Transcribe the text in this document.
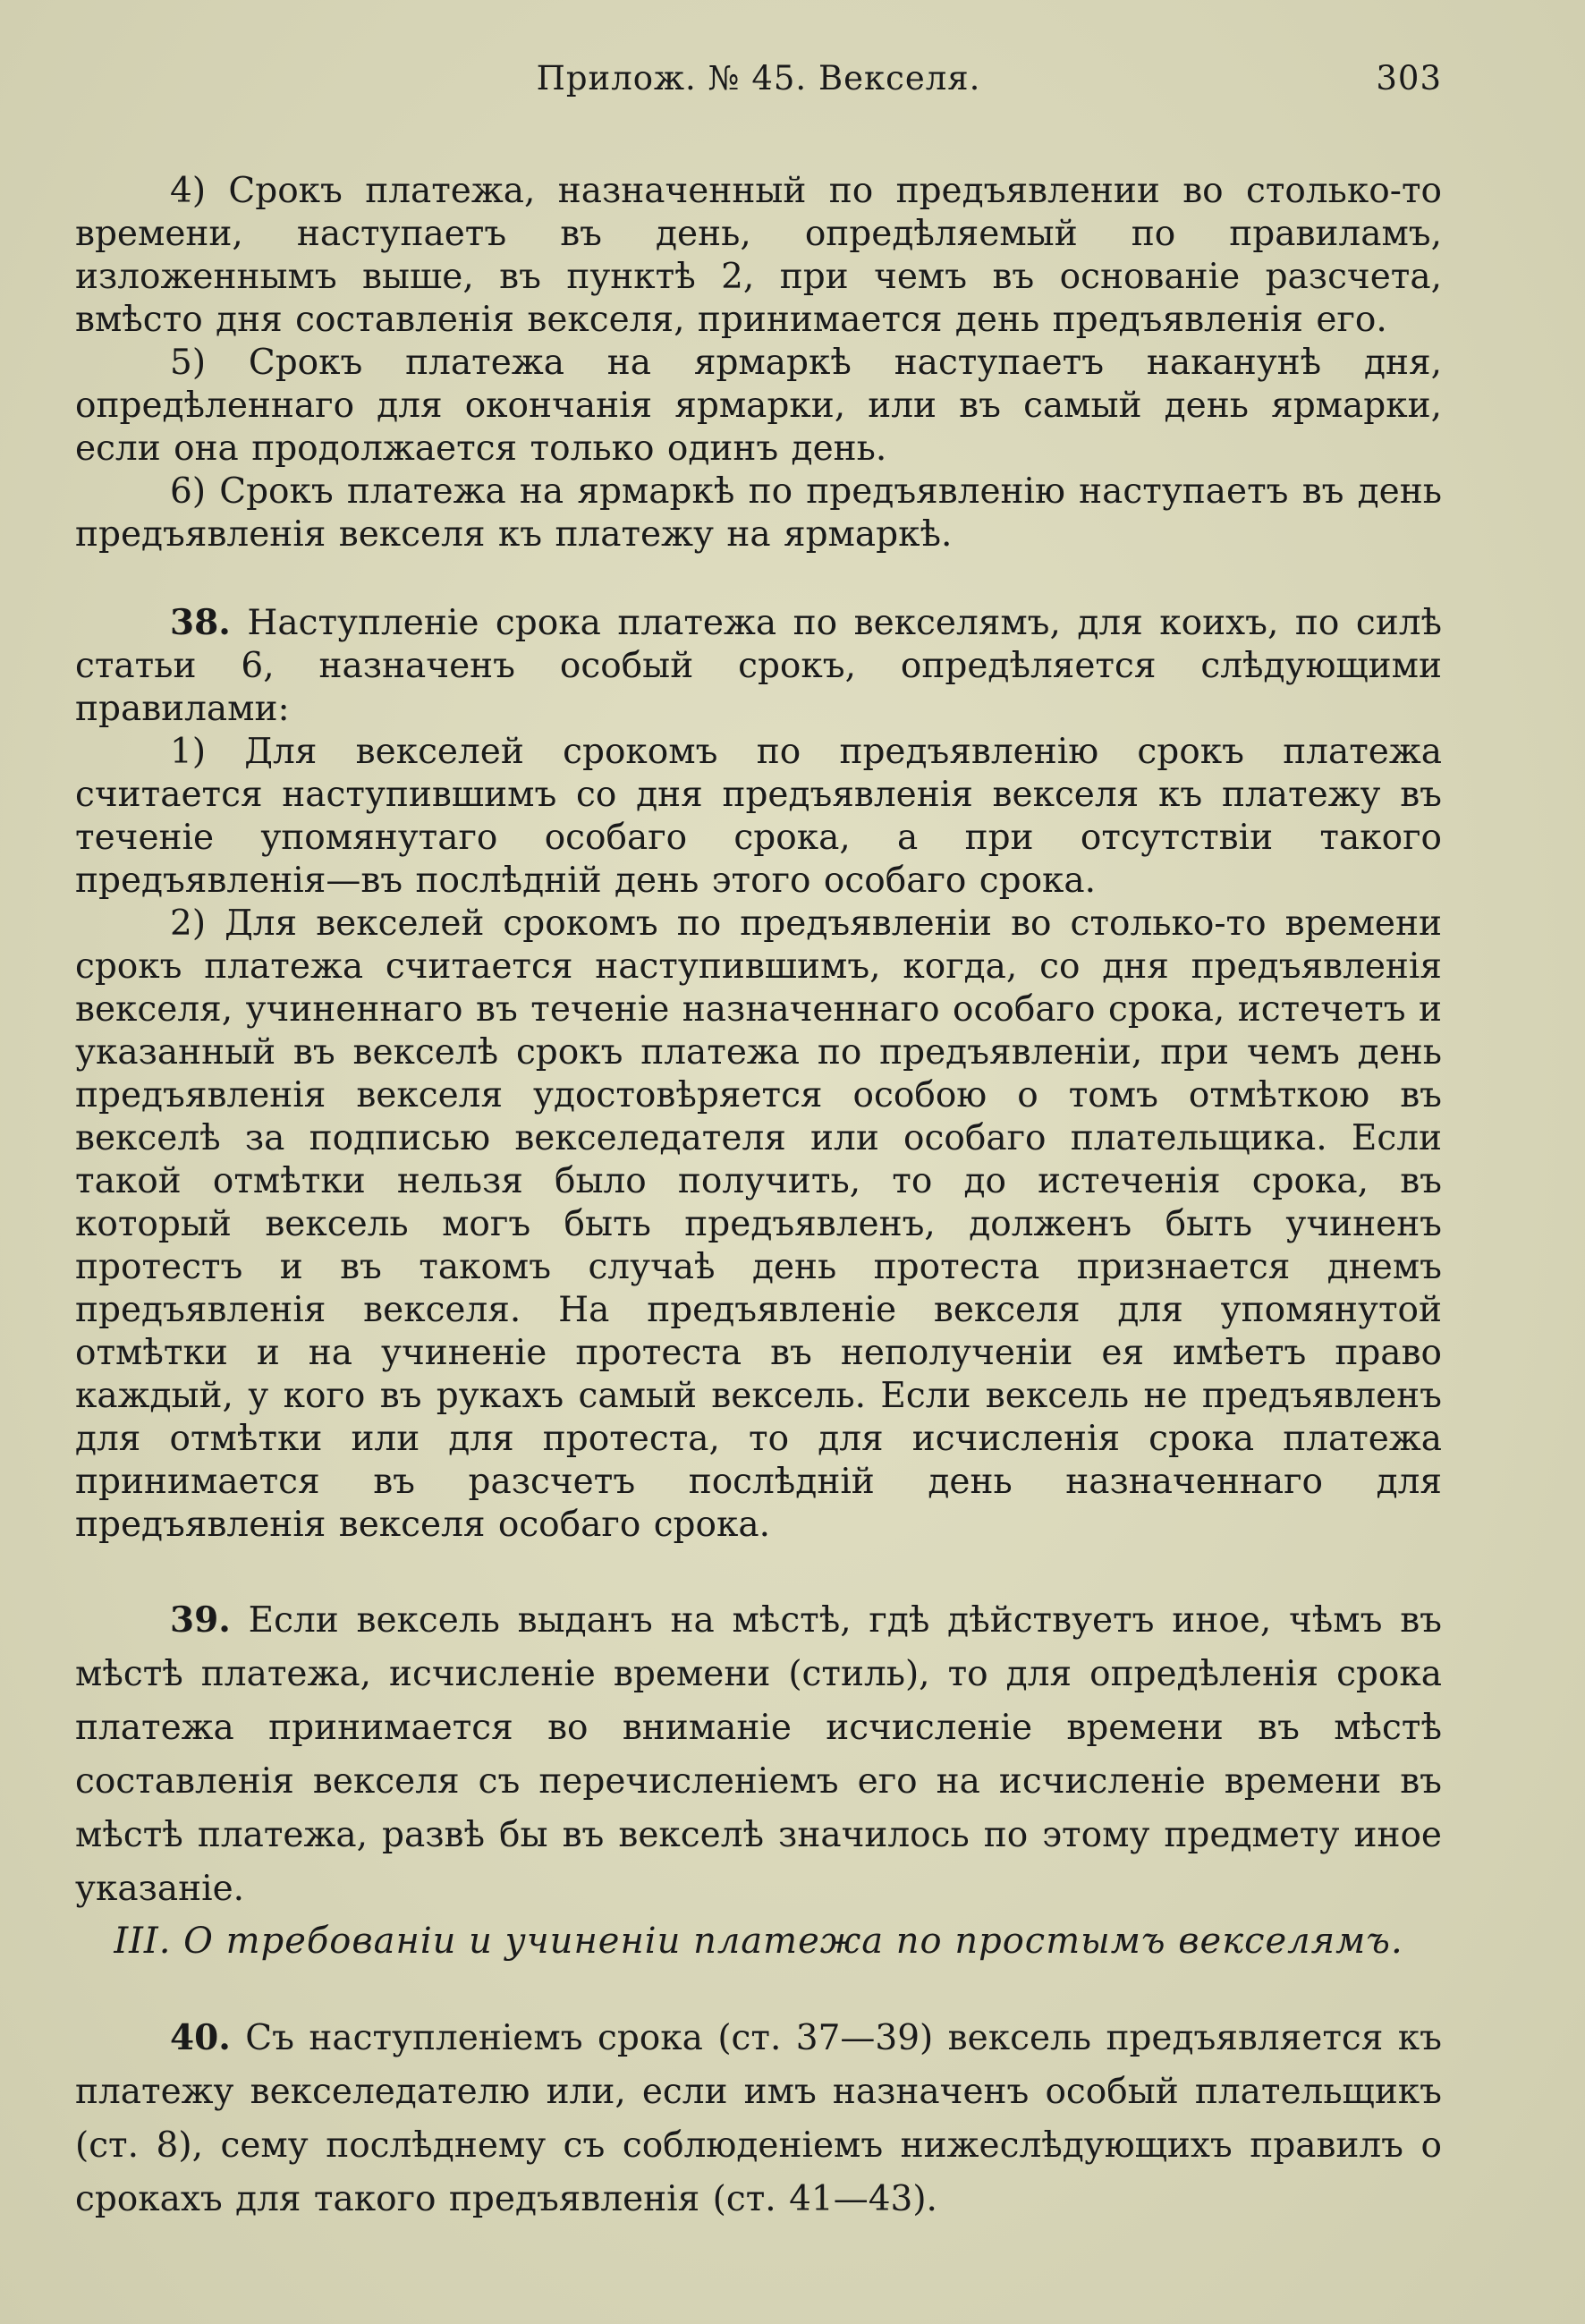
Прилож. № 45. Векселя.	303

4) Срокъ платежа, назначенный по предъявлении во столько-то времени, наступаетъ въ день, опредѣляемый по правиламъ, изложеннымъ выше, въ пунктѣ 2, при чемъ въ основаніе разсчета, вмѣсто дня составленія векселя, принимается день предъявленія его.

5) Срокъ платежа на ярмаркѣ наступаетъ наканунѣ дня, опредѣленнаго для окончанія ярмарки, или въ самый день ярмарки, если она продолжается только одинъ день.

6) Срокъ платежа на ярмаркѣ по предъявленію наступаетъ въ день предъявленія векселя къ платежу на ярмаркѣ.

38. Наступленіе срока платежа по векселямъ, для коихъ, по силѣ статьи 6, назначенъ особый срокъ, опредѣляется слѣдующими правилами:

1) Для векселей срокомъ по предъявленію срокъ платежа считается наступившимъ со дня предъявленія векселя къ платежу въ теченіе упомянутаго особаго срока, а при отсутствіи такого предъявленія—въ послѣдній день этого особаго срока.

2) Для векселей срокомъ по предъявленіи во столько-то времени срокъ платежа считается наступившимъ, когда, со дня предъявленія векселя, учиненнаго въ теченіе назначеннаго особаго срока, истечетъ и указанный въ векселѣ срокъ платежа по предъявленіи, при чемъ день предъявленія векселя удостовѣряется особою о томъ отмѣткою въ векселѣ за подписью векселедателя или особаго плательщика. Если такой отмѣтки нельзя было получить, то до истеченія срока, въ который вексель могъ быть предъявленъ, долженъ быть учиненъ протестъ и въ такомъ случаѣ день протеста признается днемъ предъявленія векселя. На предъявленіе векселя для упомянутой отмѣтки и на учиненіе протеста въ неполученіи ея имѣетъ право каждый, у кого въ рукахъ самый вексель. Если вексель не предъявленъ для отмѣтки или для протеста, то для исчисленія срока платежа принимается въ разсчетъ послѣдній день назначеннаго для предъявленія векселя особаго срока.

39. Если вексель выданъ на мѣстѣ, гдѣ дѣйствуетъ иное, чѣмъ въ мѣстѣ платежа, исчисленіе времени (стиль), то для опредѣленія срока платежа принимается во вниманіе исчисленіе времени въ мѣстѣ составленія векселя съ перечисленіемъ его на исчисленіе времени въ мѣстѣ платежа, развѣ бы въ векселѣ значилось по этому предмету иное указаніе.

III. О требованіи и учиненіи платежа по простымъ векселямъ.

40. Съ наступленіемъ срока (ст. 37—39) вексель предъявляется къ платежу векселедателю или, если имъ назначенъ особый плательщикъ (ст. 8), сему послѣднему съ соблюденіемъ нижеслѣдующихъ правилъ о срокахъ для такого предъявленія (ст. 41—43).
